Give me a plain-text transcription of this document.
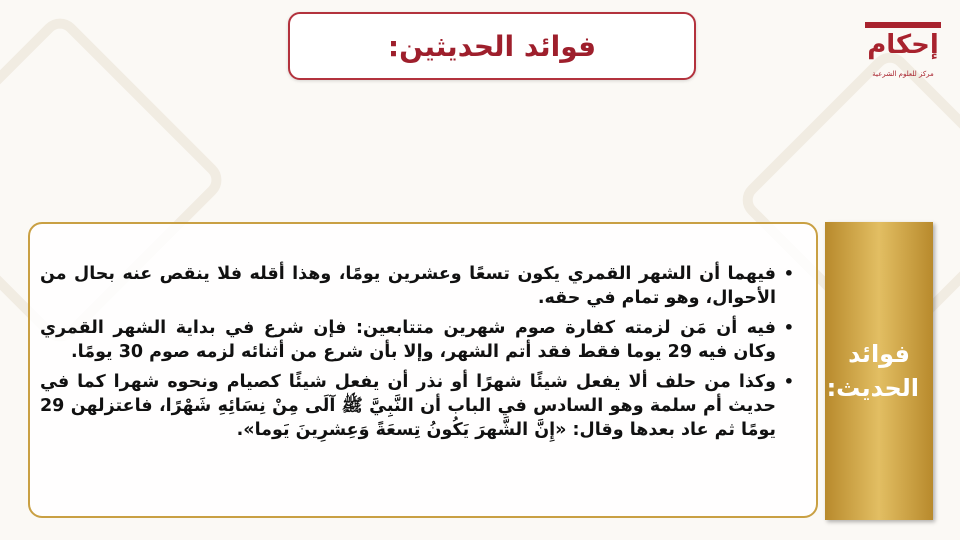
فوائد الحديثين:	إحكام
مركز للعلوم الشرعية
• فيهما أن الشهر القمري يكون تسعًا وعشرين يومًا، وهذا أقله فلا ينقص عنه بحال من الأحوال، وهو تمام في حقه.
• فيه أن مَن لزمته كفارة صوم شهرين متتابعين: فإن شرع في بداية الشهر القمري وكان فيه 29 يوما فقط فقد أتم الشهر، وإلا بأن شرع من أثنائه لزمه صوم 30 يومًا.
• وكذا من حلف ألا يفعل شيئًا شهرًا أو نذر أن يفعل شيئًا كصيام ونحوه شهرا كما في حديث أم سلمة وهو السادس في الباب أن النَّبِيَّ ﷺ آلَى مِنْ نِسَائِهِ شَهْرًا، فاعتزلهن 29 يومًا ثم عاد بعدها وقال: «إِنَّ الشَّهرَ يَكُونُ تِسعَةً وَعِشرِينَ يَوما».
فوائد الحديث:
